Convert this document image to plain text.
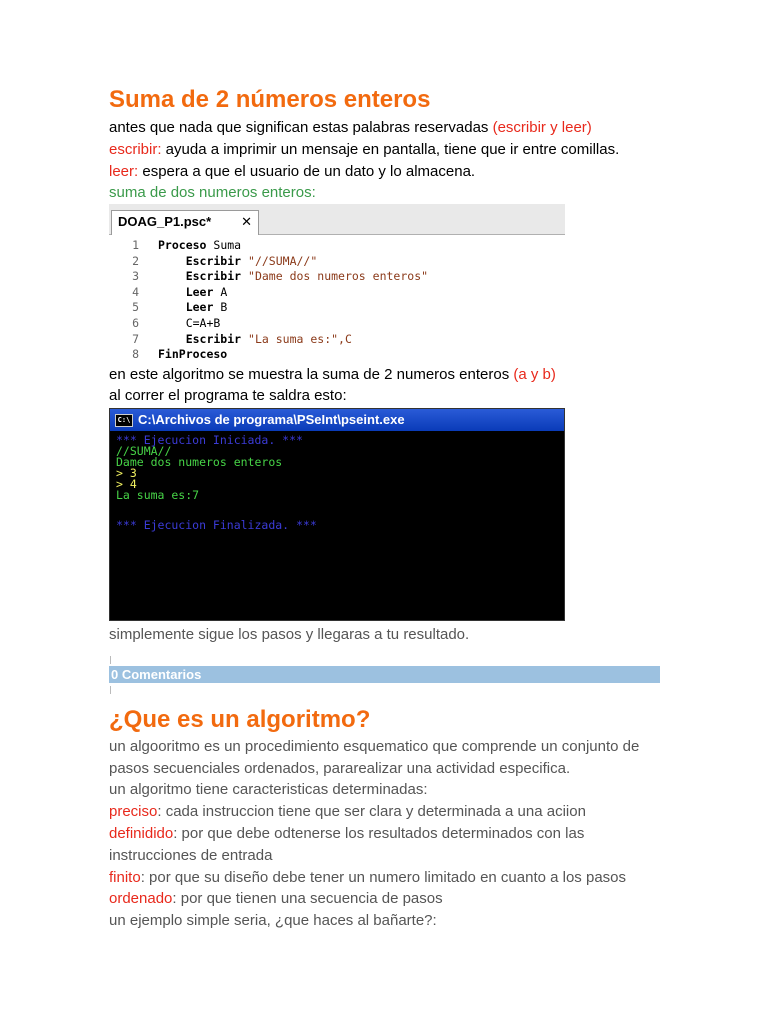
Suma de 2 números enteros
antes que nada que significan estas palabras reservadas (escribir y leer)
escribir: ayuda a imprimir un mensaje en pantalla, tiene que ir entre comillas.
leer: espera a que el usuario de un dato y lo almacena.
suma de dos numeros enteros:
DOAG_P1.psc* ✕
1 Proceso Suma
2 Escribir "//SUMA//"
3 Escribir "Dame dos numeros enteros"
4 Leer A
5 Leer B
6 C=A+B
7 Escribir "La suma es:",C
8 FinProceso
en este algoritmo se muestra la suma de 2 numeros enteros (a y b)
al correr el programa te saldra esto:
C:\ C:\Archivos de programa\PSeInt\pseint.exe
*** Ejecucion Iniciada. ***
//SUMA//
Dame dos numeros enteros
> 3
> 4
La suma es:7
*** Ejecucion Finalizada. ***
simplemente sigue los pasos y llegaras a tu resultado.
0 Comentarios
¿Que es un algoritmo?
un algooritmo es un procedimiento esquematico que comprende un conjunto de
pasos secuenciales ordenados, pararealizar una actividad especifica.
un algoritmo tiene caracteristicas determinadas:
preciso: cada instruccion tiene que ser clara y determinada a una aciion
definidido: por que debe odtenerse los resultados determinados con las
instrucciones de entrada
finito: por que su diseño debe tener un numero limitado en cuanto a los pasos
ordenado: por que tienen una secuencia de pasos
un ejemplo simple seria, ¿que haces al bañarte?:
